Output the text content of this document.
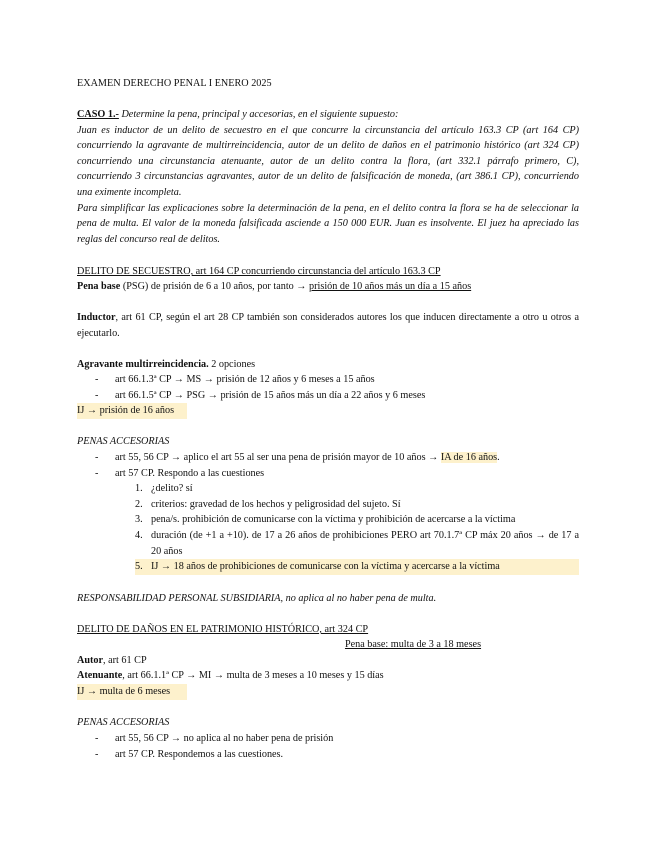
EXAMEN DERECHO PENAL I ENERO 2025

CASO 1.- Determine la pena, principal y accesorias, en el siguiente supuesto:

Juan es inductor de un delito de secuestro en el que concurre la circunstancia del artículo 163.3 CP (art 164 CP) concurriendo la agravante de multirreincidencia, autor de un delito de daños en el patrimonio histórico (art 324 CP) concurriendo una circunstancia atenuante, autor de un delito contra la flora, (art 332.1 párrafo primero, C), concurriendo 3 circunstancias agravantes, autor de un delito de falsificación de moneda, (art 386.1 CP), concurriendo una eximente incompleta.

Para simplificar las explicaciones sobre la determinación de la pena, en el delito contra la flora se ha de seleccionar la pena de multa. El valor de la moneda falsificada asciende a 150 000 EUR. Juan es insolvente. El juez ha apreciado las reglas del concurso real de delitos.

DELITO DE SECUESTRO, art 164 CP concurriendo circunstancia del artículo 163.3 CP

Pena base (PSG) de prisión de 6 a 10 años, por tanto → prisión de 10 años más un día a 15 años

Inductor, art 61 CP, según el art 28 CP también son considerados autores los que inducen directamente a otro u otros a ejecutarlo.

Agravante multirreincidencia. 2 opciones

- art 66.1.3ª CP → MS → prisión de 12 años y 6 meses a 15 años

- art 66.1.5ª CP → PSG → prisión de 15 años más un día a 22 años y 6 meses

IJ → prisión de 16 años

PENAS ACCESORIAS

- art 55, 56 CP → aplico el art 55 al ser una pena de prisión mayor de 10 años → IA de 16 años.

- art 57 CP. Respondo a las cuestiones

1. ¿delito? sí

2. criterios: gravedad de los hechos y peligrosidad del sujeto. Sí

3. pena/s. prohibición de comunicarse con la víctima y prohibición de acercarse a la víctima

4. duración (de +1 a +10). de 17 a 26 años de prohibiciones PERO art 70.1.7ª CP máx 20 años → de 17 a 20 años

5. IJ → 18 años de prohibiciones de comunicarse con la víctima y acercarse a la víctima

RESPONSABILIDAD PERSONAL SUBSIDIARIA, no aplica al no haber pena de multa.

DELITO DE DAÑOS EN EL PATRIMONIO HISTÓRICO, art 324 CP

Pena base: multa de 3 a 18 meses

Autor, art 61 CP

Atenuante, art 66.1.1ª CP → MI → multa de 3 meses a 10 meses y 15 días

IJ → multa de 6 meses

PENAS ACCESORIAS

- art 55, 56 CP → no aplica al no haber pena de prisión

- art 57 CP. Respondemos a las cuestiones.
